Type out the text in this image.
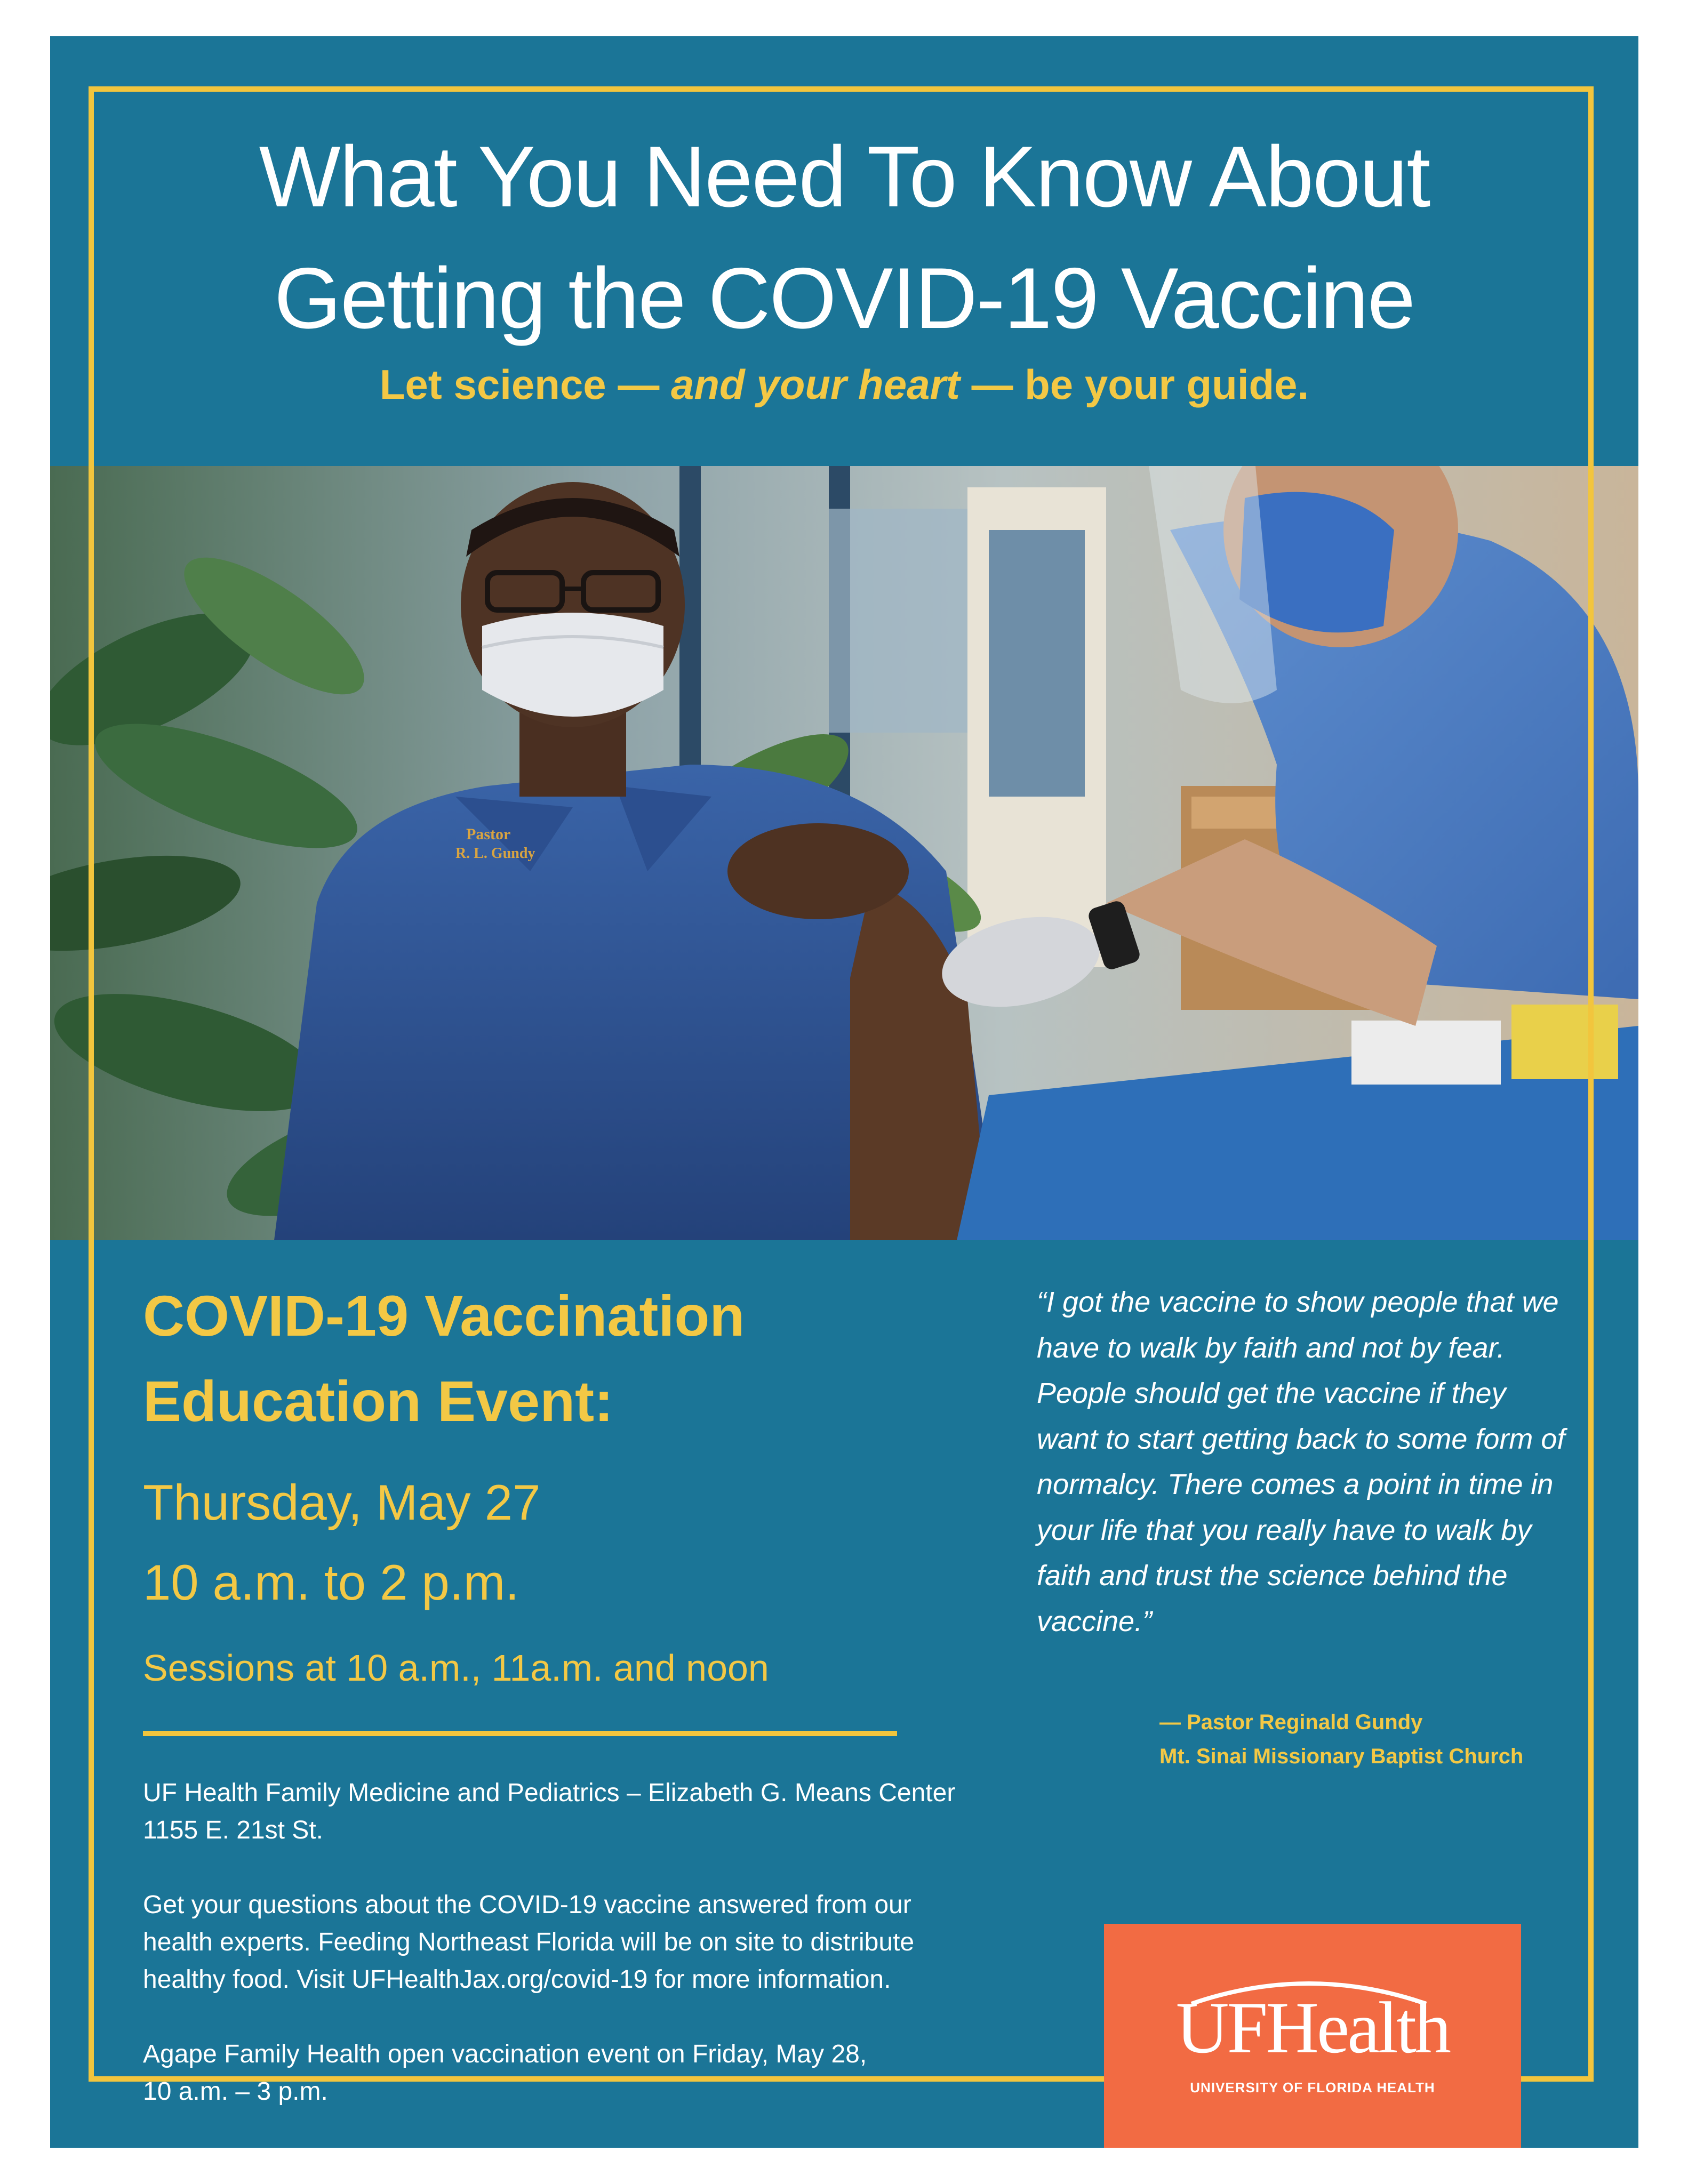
What You Need To Know About
Getting the COVID-19 Vaccine

Let science — and your heart — be your guide.

Pastor
R. L. Gundy
COVID-19 Vaccination
Education Event:

Thursday, May 27

10 a.m. to 2 p.m.

Sessions at 10 a.m., 11a.m. and noon

UF Health Family Medicine and Pediatrics – Elizabeth G. Means Center
1155 E. 21st St.

Get your questions about the COVID-19 vaccine answered from our
health experts. Feeding Northeast Florida will be on site to distribute
healthy food. Visit UFHealthJax.org/covid-19 for more information.

Agape Family Health open vaccination event on Friday, May 28,
10 a.m. – 3 p.m.

“I got the vaccine to show people that we have to walk by faith and not by fear. People should get the vaccine if they want to start getting back to some form of normalcy. There comes a point in time in your life that you really have to walk by faith and trust the science behind the vaccine.”

— Pastor Reginald Gundy
Mt. Sinai Missionary Baptist Church

UFHealth
UNIVERSITY OF FLORIDA HEALTH
